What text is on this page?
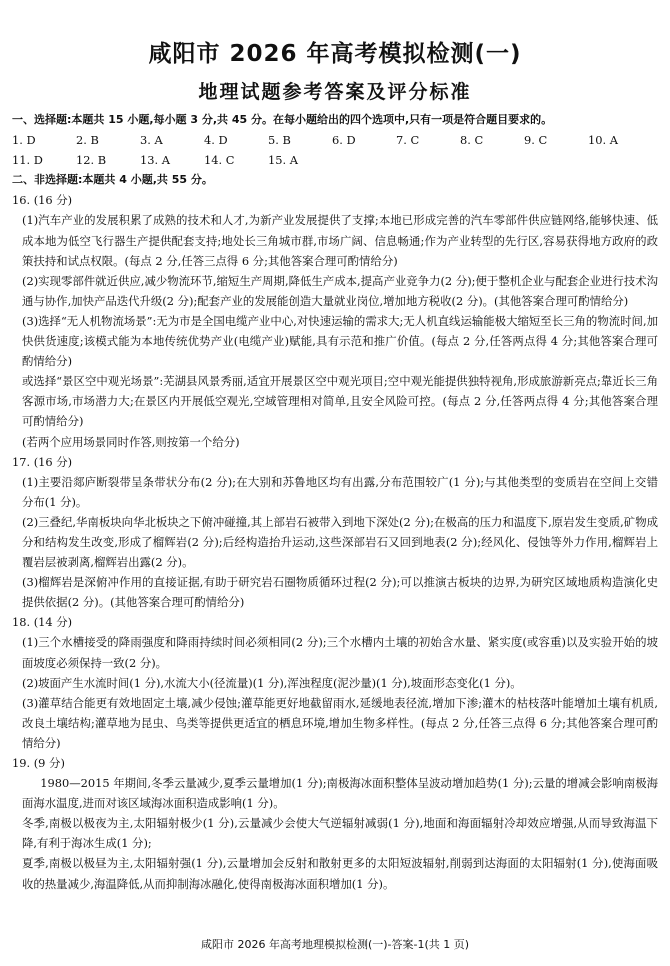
咸阳市 2026 年高考模拟检测(一)
地理试题参考答案及评分标准
一、选择题:本题共 15 小题,每小题 3 分,共 45 分。在每小题给出的四个选项中,只有一项是符合题目要求的。
1. D	2. B	3. A	4. D	5. B	6. D	7. C	8. C	9. C	10. A
11. D	12. B	13. A	14. C	15. A
二、非选择题:本题共 4 小题,共 55 分。
16. (16 分)
(1)汽车产业的发展积累了成熟的技术和人才,为新产业发展提供了支撑;本地已形成完善的汽车零部件供应链网络,能够快速、低成本地为低空飞行器生产提供配套支持;地处长三角城市群,市场广阔、信息畅通;作为产业转型的先行区,容易获得地方政府的政策扶持和试点权限。(每点 2 分,任答三点得 6 分;其他答案合理可酌情给分)
(2)实现零部件就近供应,减少物流环节,缩短生产周期,降低生产成本,提高产业竞争力(2 分);便于整机企业与配套企业进行技术沟通与协作,加快产品迭代升级(2 分);配套产业的发展能创造大量就业岗位,增加地方税收(2 分)。(其他答案合理可酌情给分)
(3)选择“无人机物流场景”:无为市是全国电缆产业中心,对快速运输的需求大;无人机直线运输能极大缩短至长三角的物流时间,加快供货速度;该模式能为本地传统优势产业(电缆产业)赋能,具有示范和推广价值。(每点 2 分,任答两点得 4 分;其他答案合理可酌情给分)
或选择“景区空中观光场景”:芜湖县风景秀丽,适宜开展景区空中观光项目;空中观光能提供独特视角,形成旅游新亮点;靠近长三角客源市场,市场潜力大;在景区内开展低空观光,空域管理相对简单,且安全风险可控。(每点 2 分,任答两点得 4 分;其他答案合理可酌情给分)
(若两个应用场景同时作答,则按第一个给分)
17. (16 分)
(1)主要沿郯庐断裂带呈条带状分布(2 分);在大别和苏鲁地区均有出露,分布范围较广(1 分);与其他类型的变质岩在空间上交错分布(1 分)。
(2)三叠纪,华南板块向华北板块之下俯冲碰撞,其上部岩石被带入到地下深处(2 分);在极高的压力和温度下,原岩发生变质,矿物成分和结构发生改变,形成了榴辉岩(2 分);后经构造抬升运动,这些深部岩石又回到地表(2 分);经风化、侵蚀等外力作用,榴辉岩上覆岩层被剥离,榴辉岩出露(2 分)。
(3)榴辉岩是深俯冲作用的直接证据,有助于研究岩石圈物质循环过程(2 分);可以推演古板块的边界,为研究区域地质构造演化史提供依据(2 分)。(其他答案合理可酌情给分)
18. (14 分)
(1)三个水槽接受的降雨强度和降雨持续时间必须相同(2 分);三个水槽内土壤的初始含水量、紧实度(或容重)以及实验开始的坡面坡度必须保持一致(2 分)。
(2)坡面产生水流时间(1 分),水流大小(径流量)(1 分),浑浊程度(泥沙量)(1 分),坡面形态变化(1 分)。
(3)灌草结合能更有效地固定土壤,减少侵蚀;灌草能更好地截留雨水,延缓地表径流,增加下渗;灌木的枯枝落叶能增加土壤有机质,改良土壤结构;灌草地为昆虫、鸟类等提供更适宜的栖息环境,增加生物多样性。(每点 2 分,任答三点得 6 分;其他答案合理可酌情给分)
19. (9 分)
1980—2015 年期间,冬季云量减少,夏季云量增加(1 分);南极海冰面积整体呈波动增加趋势(1 分);云量的增减会影响南极海面海水温度,进而对该区域海冰面积造成影响(1 分)。
冬季,南极以极夜为主,太阳辐射极少(1 分),云量减少会使大气逆辐射减弱(1 分),地面和海面辐射冷却效应增强,从而导致海温下降,有利于海冰生成(1 分);
夏季,南极以极昼为主,太阳辐射强(1 分),云量增加会反射和散射更多的太阳短波辐射,削弱到达海面的太阳辐射(1 分),使海面吸收的热量减少,海温降低,从而抑制海冰融化,使得南极海冰面积增加(1 分)。
咸阳市 2026 年高考地理模拟检测(一)-答案-1(共 1 页)
